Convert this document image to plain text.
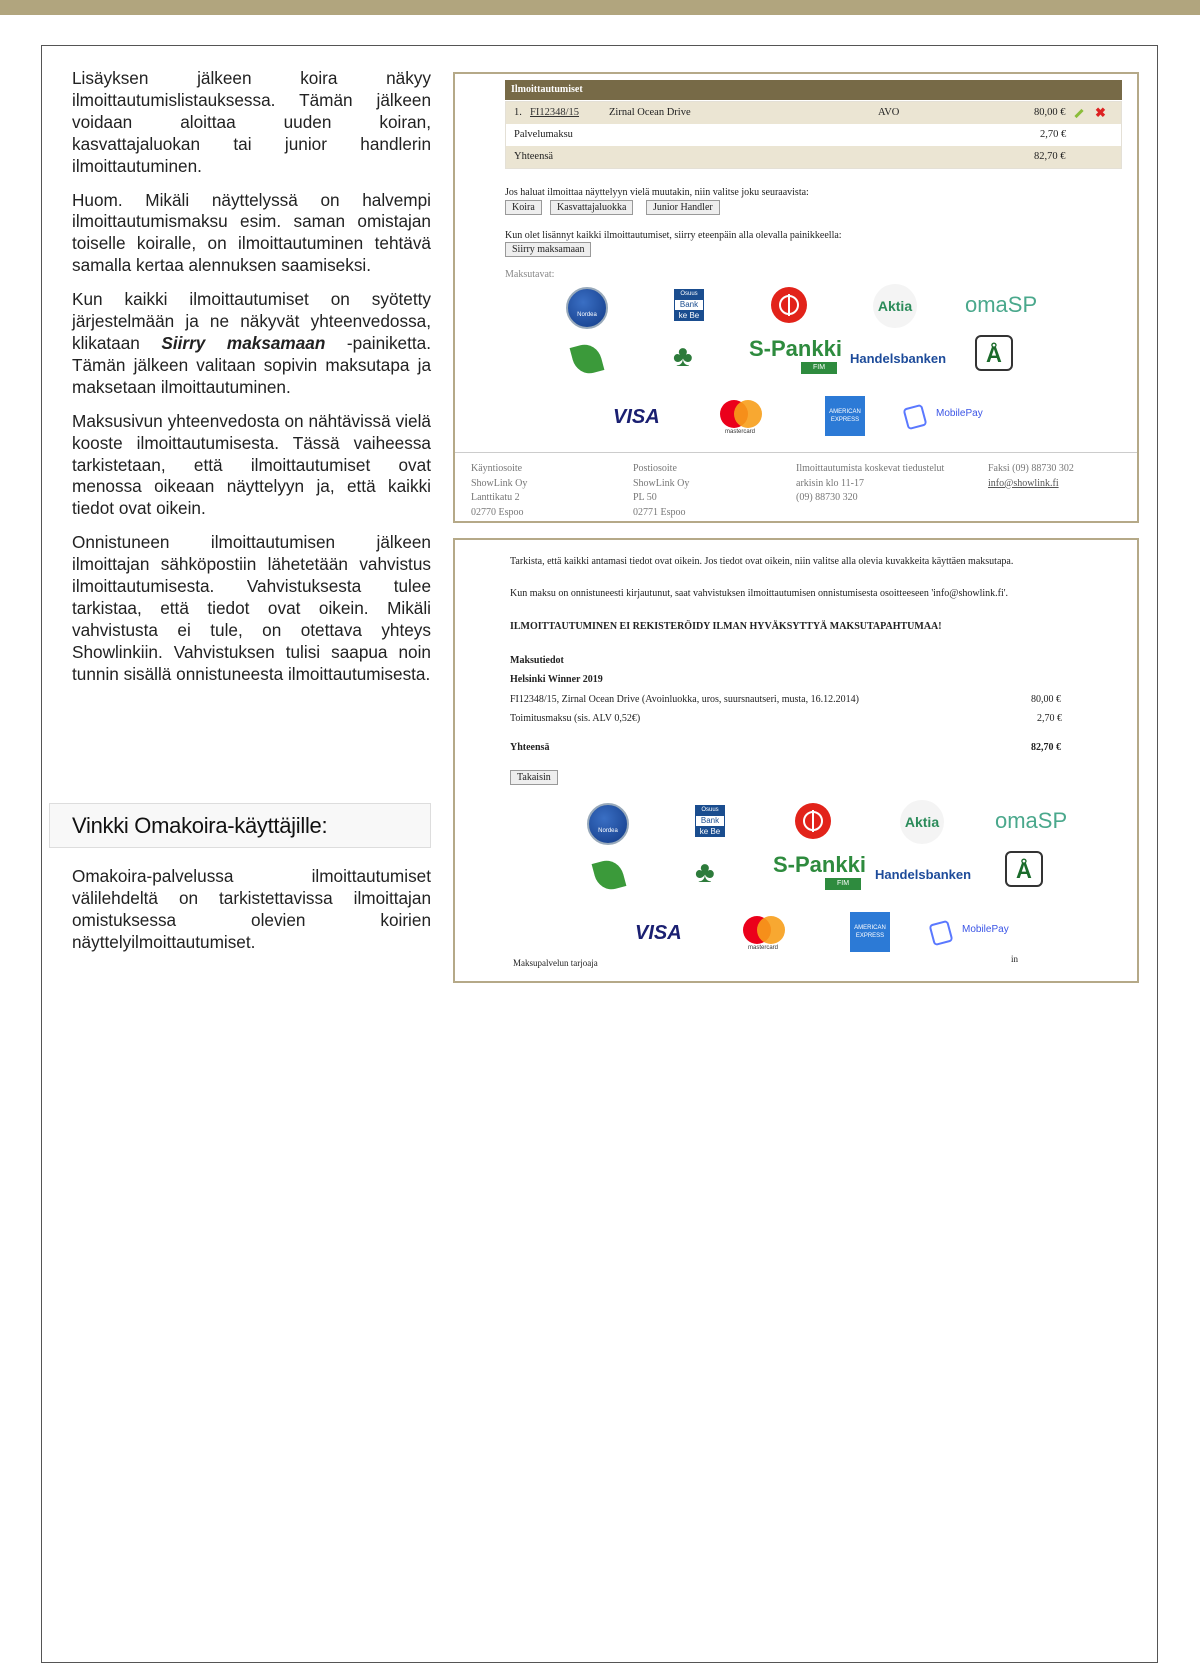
Lisäyksen jälkeen koira näkyy ilmoittautumislistauksessa. Tämän jälkeen voidaan aloittaa uuden koiran, kasvattajaluokan tai junior handlerin ilmoittautuminen.

Huom. Mikäli näyttelyssä on halvempi ilmoittautumismaksu esim. saman omistajan toiselle koiralle, on ilmoittautuminen tehtävä samalla kertaa alennuksen saamiseksi.

Kun kaikki ilmoittautumiset on syötetty järjestelmään ja ne näkyvät yhteenvedossa, klikataan Siirry maksamaan -painiketta. Tämän jälkeen valitaan sopivin maksutapa ja maksetaan ilmoittautuminen.

Maksusivun yhteenvedosta on nähtävissä vielä kooste ilmoittautumisesta. Tässä vaiheessa tarkistetaan, että ilmoittautumiset ovat menossa oikeaan näyttelyyn ja, että kaikki tiedot ovat oikein.

Onnistuneen ilmoittautumisen jälkeen ilmoittajan sähköpostiin lähetetään vahvistus ilmoittautumisesta. Vahvistuksesta tulee tarkistaa, että tiedot ovat oikein. Mikäli vahvistusta ei tule, on otettava yhteys Showlinkiin. Vahvistuksen tulisi saapua noin tunnin sisällä onnistuneesta ilmoittautumisesta.

Vinkki Omakoira-käyttäjille:

Omakoira-palvelussa ilmoittautumiset välilehdeltä on tarkistettavissa ilmoittajan omistuksessa olevien koirien näyttelyilmoittautumiset.

Ilmoittautumiset
1. FI12348/15	Zirnal Ocean Drive	AVO	80,00 € ✖
Palvelumaksu	2,70 €
Yhteensä	82,70 €
Jos haluat ilmoittaa näyttelyyn vielä muutakin, niin valitse joku seuraavista:
Koira	Kasvattajaluokka	Junior Handler
Kun olet lisännyt kaikki ilmoittautumiset, siirry eteenpäin alla olevalla painikkeella:
Siirry maksamaan
Maksutavat:
Nordea
Osuus
Bank
ke Be
Aktia omaSP
♣	S-Pankki
FIM
Handelsbanken	Å
VISA
mastercard
AMERICAN
EXPRESS
MobilePay
Käyntiosoite
ShowLink Oy
Lanttikatu 2
02770 Espoo
Postiosoite
ShowLink Oy
PL 50
02771 Espoo
Ilmoittautumista koskevat tiedustelut
arkisin klo 11-17
(09) 88730 320
Faksi (09) 88730 302
info@showlink.fi
Tarkista, että kaikki antamasi tiedot ovat oikein. Jos tiedot ovat oikein, niin valitse alla olevia kuvakkeita käyttäen maksutapa.
Kun maksu on onnistuneesti kirjautunut, saat vahvistuksen ilmoittautumisen onnistumisesta osoitteeseen 'info@showlink.fi'.
ILMOITTAUTUMINEN EI REKISTERÖIDY ILMAN HYVÄKSYTTYÄ MAKSUTAPAHTUMAA!
Maksutiedot
Helsinki Winner 2019
FI12348/15, Zirnal Ocean Drive (Avoinluokka, uros, suursnautseri, musta, 16.12.2014)	80,00 €
Toimitusmaksu (sis. ALV 0,52€)	2,70 €
Yhteensä	82,70 €
Takaisin
Nordea
Osuus
Bank
ke Be
Aktia	omaSP
♣	S-Pankki
FIM
Handelsbanken	Å
VISA
mastercard
AMERICAN
EXPRESS
MobilePay
Maksupalvelun tarjoaja	in
